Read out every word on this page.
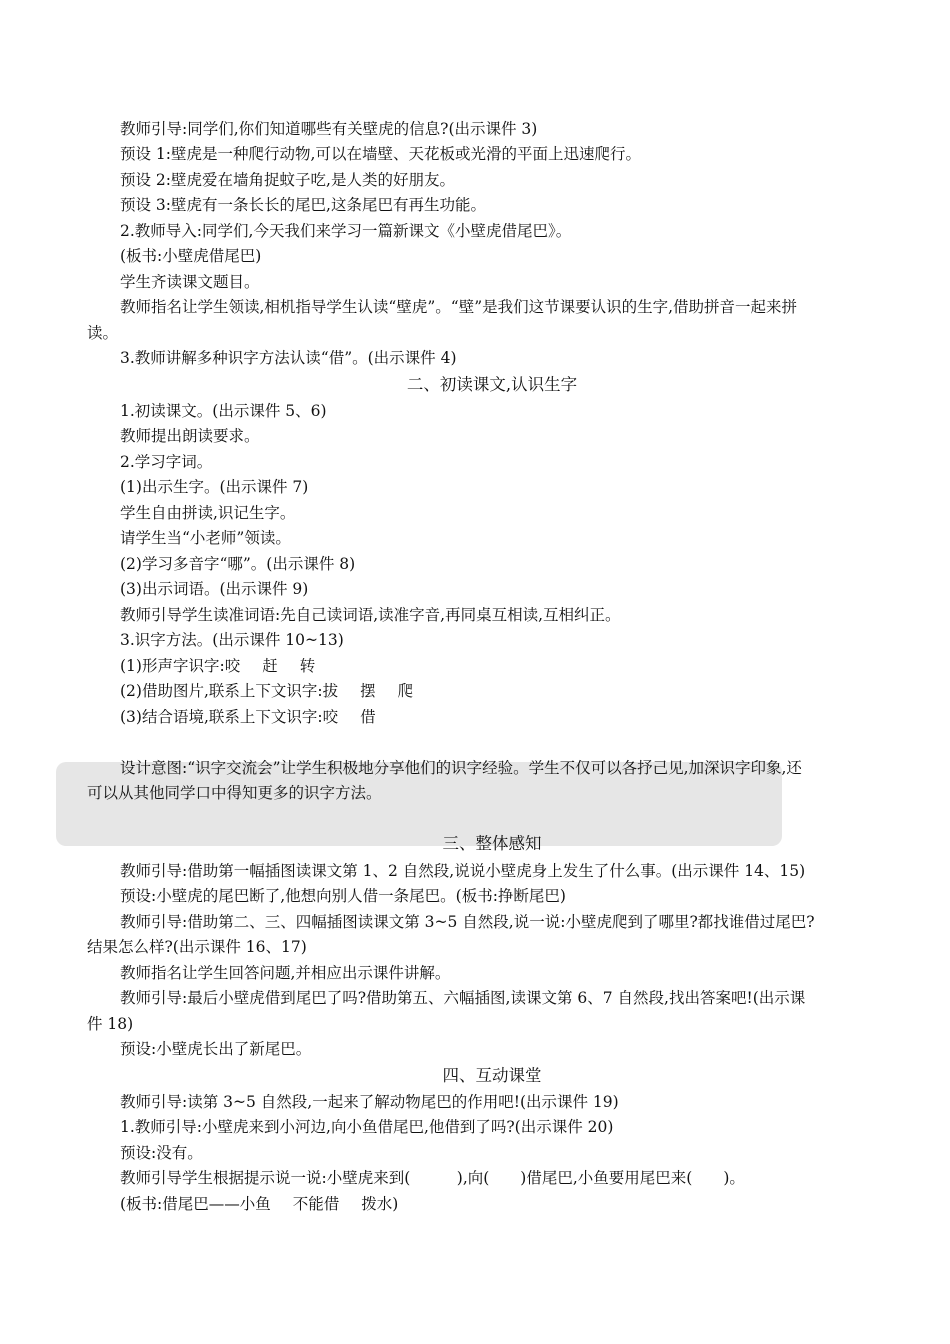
教师引导:同学们,你们知道哪些有关壁虎的信息?(出示课件 3)
预设 1:壁虎是一种爬行动物,可以在墙壁、天花板或光滑的平面上迅速爬行。
预设 2:壁虎爱在墙角捉蚊子吃,是人类的好朋友。
预设 3:壁虎有一条长长的尾巴,这条尾巴有再生功能。
2.教师导入:同学们,今天我们来学习一篇新课文《小壁虎借尾巴》。
(板书:小壁虎借尾巴)
学生齐读课文题目。
教师指名让学生领读,相机指导学生认读“壁虎”。“壁”是我们这节课要认识的生字,借助拼音一起来拼
读。
3.教师讲解多种识字方法认读“借”。(出示课件 4)
二、初读课文,认识生字
1.初读课文。(出示课件 5、6)
教师提出朗读要求。
2.学习字词。
(1)出示生字。(出示课件 7)
学生自由拼读,识记生字。
请学生当“小老师”领读。
(2)学习多音字“哪”。(出示课件 8)
(3)出示词语。(出示课件 9)
教师引导学生读准词语:先自己读词语,读准字音,再同桌互相读,互相纠正。
3.识字方法。(出示课件 10~13)
(1)形声字识字:咬 赶 转
(2)借助图片,联系上下文识字:拔 摆 爬
(3)结合语境,联系上下文识字:咬 借
设计意图:“识字交流会”让学生积极地分享他们的识字经验。学生不仅可以各抒己见,加深识字印象,还
可以从其他同学口中得知更多的识字方法。
三、整体感知
教师引导:借助第一幅插图读课文第 1、2 自然段,说说小壁虎身上发生了什么事。(出示课件 14、15)
预设:小壁虎的尾巴断了,他想向别人借一条尾巴。(板书:挣断尾巴)
教师引导:借助第二、三、四幅插图读课文第 3~5 自然段,说一说:小壁虎爬到了哪里?都找谁借过尾巴?
结果怎么样?(出示课件 16、17)
教师指名让学生回答问题,并相应出示课件讲解。
教师引导:最后小壁虎借到尾巴了吗?借助第五、六幅插图,读课文第 6、7 自然段,找出答案吧!(出示课
件 18)
预设:小壁虎长出了新尾巴。
四、互动课堂
教师引导:读第 3~5 自然段,一起来了解动物尾巴的作用吧!(出示课件 19)
1.教师引导:小壁虎来到小河边,向小鱼借尾巴,他借到了吗?(出示课件 20)
预设:没有。
教师引导学生根据提示说一说:小壁虎来到(　　　),向(　　)借尾巴,小鱼要用尾巴来(　　)。
(板书:借尾巴——小鱼 不能借 拨水)
